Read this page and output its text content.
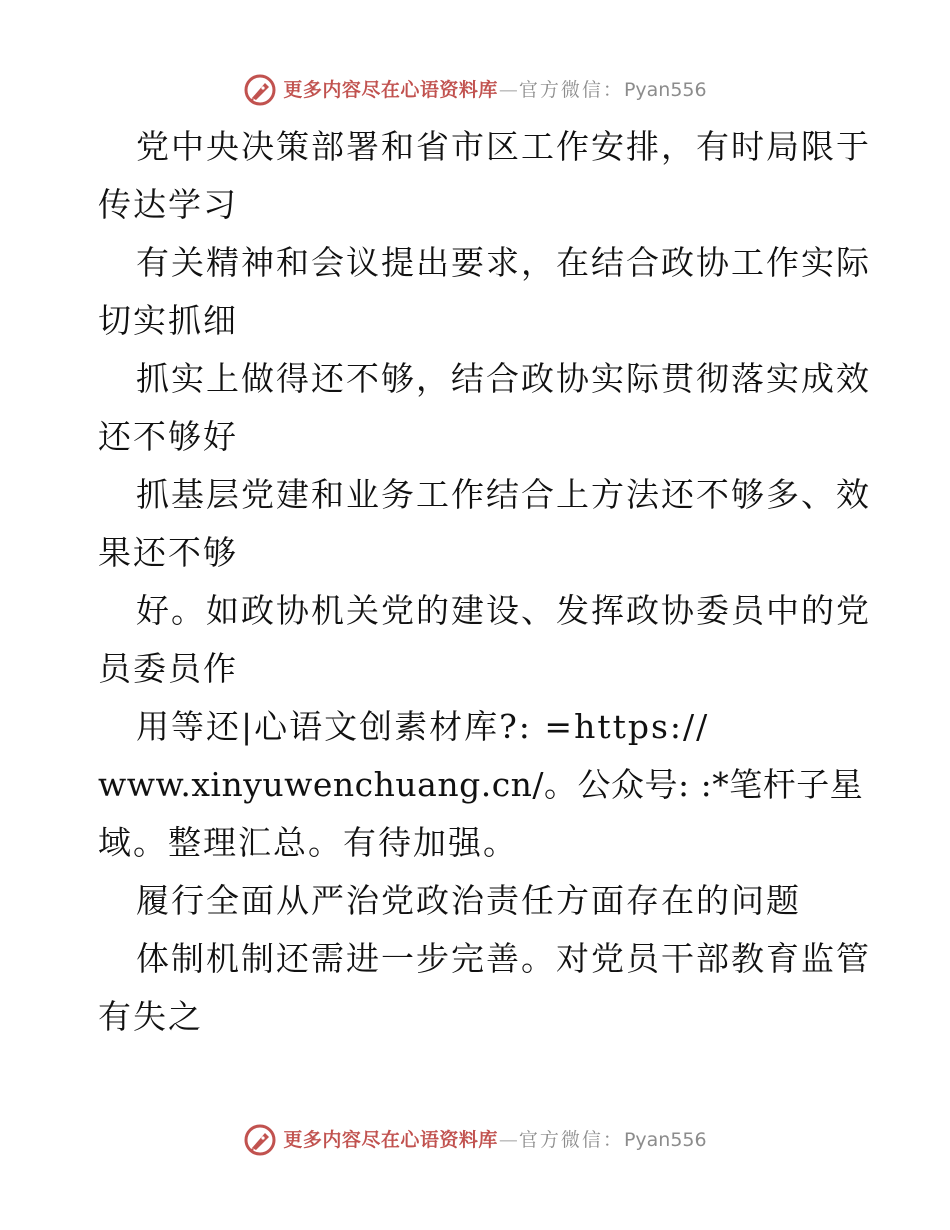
更多内容尽在心语资料库 — 官方微信： Pyan556
党中央决策部署和省市区工作安排，有时局限于
传达学习
有关精神和会议提出要求，在结合政协工作实际
切实抓细
抓实上做得还不够，结合政协实际贯彻落实成效
还不够好
抓基层党建和业务工作结合上方法还不够多、效
果还不够
好。如政协机关党的建设、发挥政协委员中的党
员委员作
用等还|心语文创素材库?: =https://
www.xinyuwenchuang.cn/。公众号: :*笔杆子星
域。整理汇总。有待加强。
履行全面从严治党政治责任方面存在的问题
体制机制还需进一步完善。对党员干部教育监管
有失之
更多内容尽在心语资料库 — 官方微信： Pyan556
